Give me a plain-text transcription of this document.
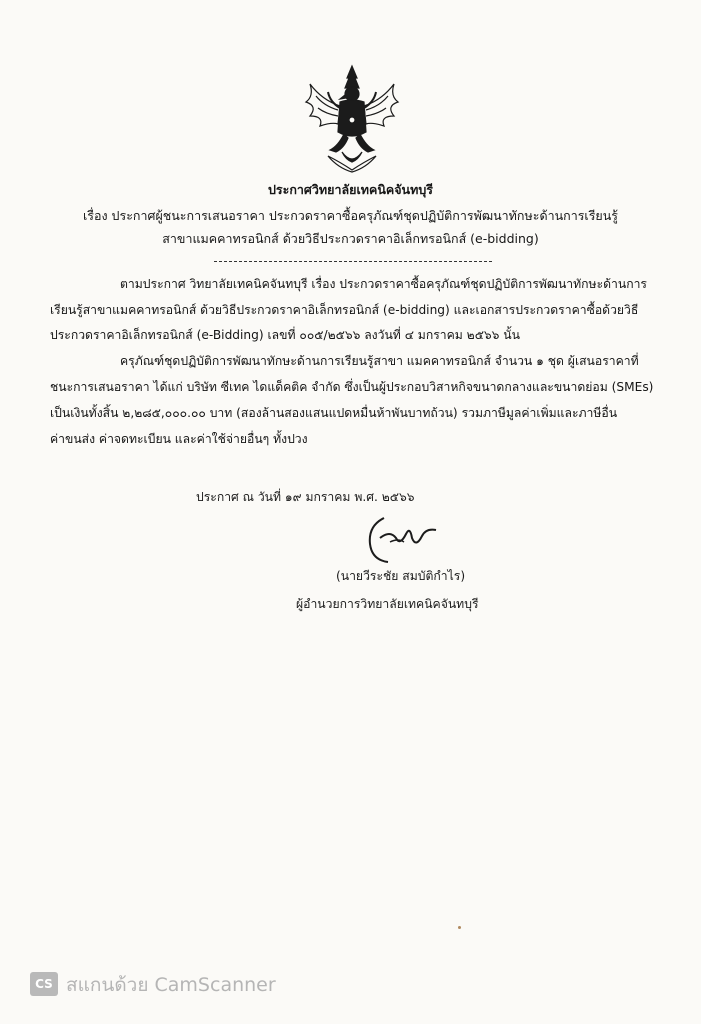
ประกาศวิทยาลัยเทคนิคจันทบุรี
เรื่อง ประกาศผู้ชนะการเสนอราคา ประกวดราคาซื้อครุภัณฑ์ชุดปฏิบัติการพัฒนาทักษะด้านการเรียนรู้
สาขาแมคคาทรอนิกส์ ด้วยวิธีประกวดราคาอิเล็กทรอนิกส์ (e-bidding)
ตามประกาศ วิทยาลัยเทคนิคจันทบุรี เรื่อง ประกวดราคาซื้อครุภัณฑ์ชุดปฏิบัติการพัฒนาทักษะด้านการ
เรียนรู้สาขาแมคคาทรอนิกส์ ด้วยวิธีประกวดราคาอิเล็กทรอนิกส์ (e-bidding) และเอกสารประกวดราคาซื้อด้วยวิธี
ประกวดราคาอิเล็กทรอนิกส์ (e-Bidding) เลขที่ ๐๐๕/๒๕๖๖ ลงวันที่ ๔ มกราคม ๒๕๖๖ นั้น
ครุภัณฑ์ชุดปฏิบัติการพัฒนาทักษะด้านการเรียนรู้สาขา แมคคาทรอนิกส์ จำนวน ๑ ชุด ผู้เสนอราคาที่
ชนะการเสนอราคา ได้แก่ บริษัท ซีเทค ไดแด็คติค จำกัด ซึ่งเป็นผู้ประกอบวิสาหกิจขนาดกลางและขนาดย่อม (SMEs)
เป็นเงินทั้งสิ้น ๒,๒๘๕,๐๐๐.๐๐ บาท (สองล้านสองแสนแปดหมื่นห้าพันบาทถ้วน) รวมภาษีมูลค่าเพิ่มและภาษีอื่น
ค่าขนส่ง ค่าจดทะเบียน และค่าใช้จ่ายอื่นๆ ทั้งปวง
ประกาศ ณ วันที่ ๑๙ มกราคม พ.ศ. ๒๕๖๖
(นายวีระชัย สมบัติกำไร)
ผู้อำนวยการวิทยาลัยเทคนิคจันทบุรี
CS สแกนด้วย CamScanner
